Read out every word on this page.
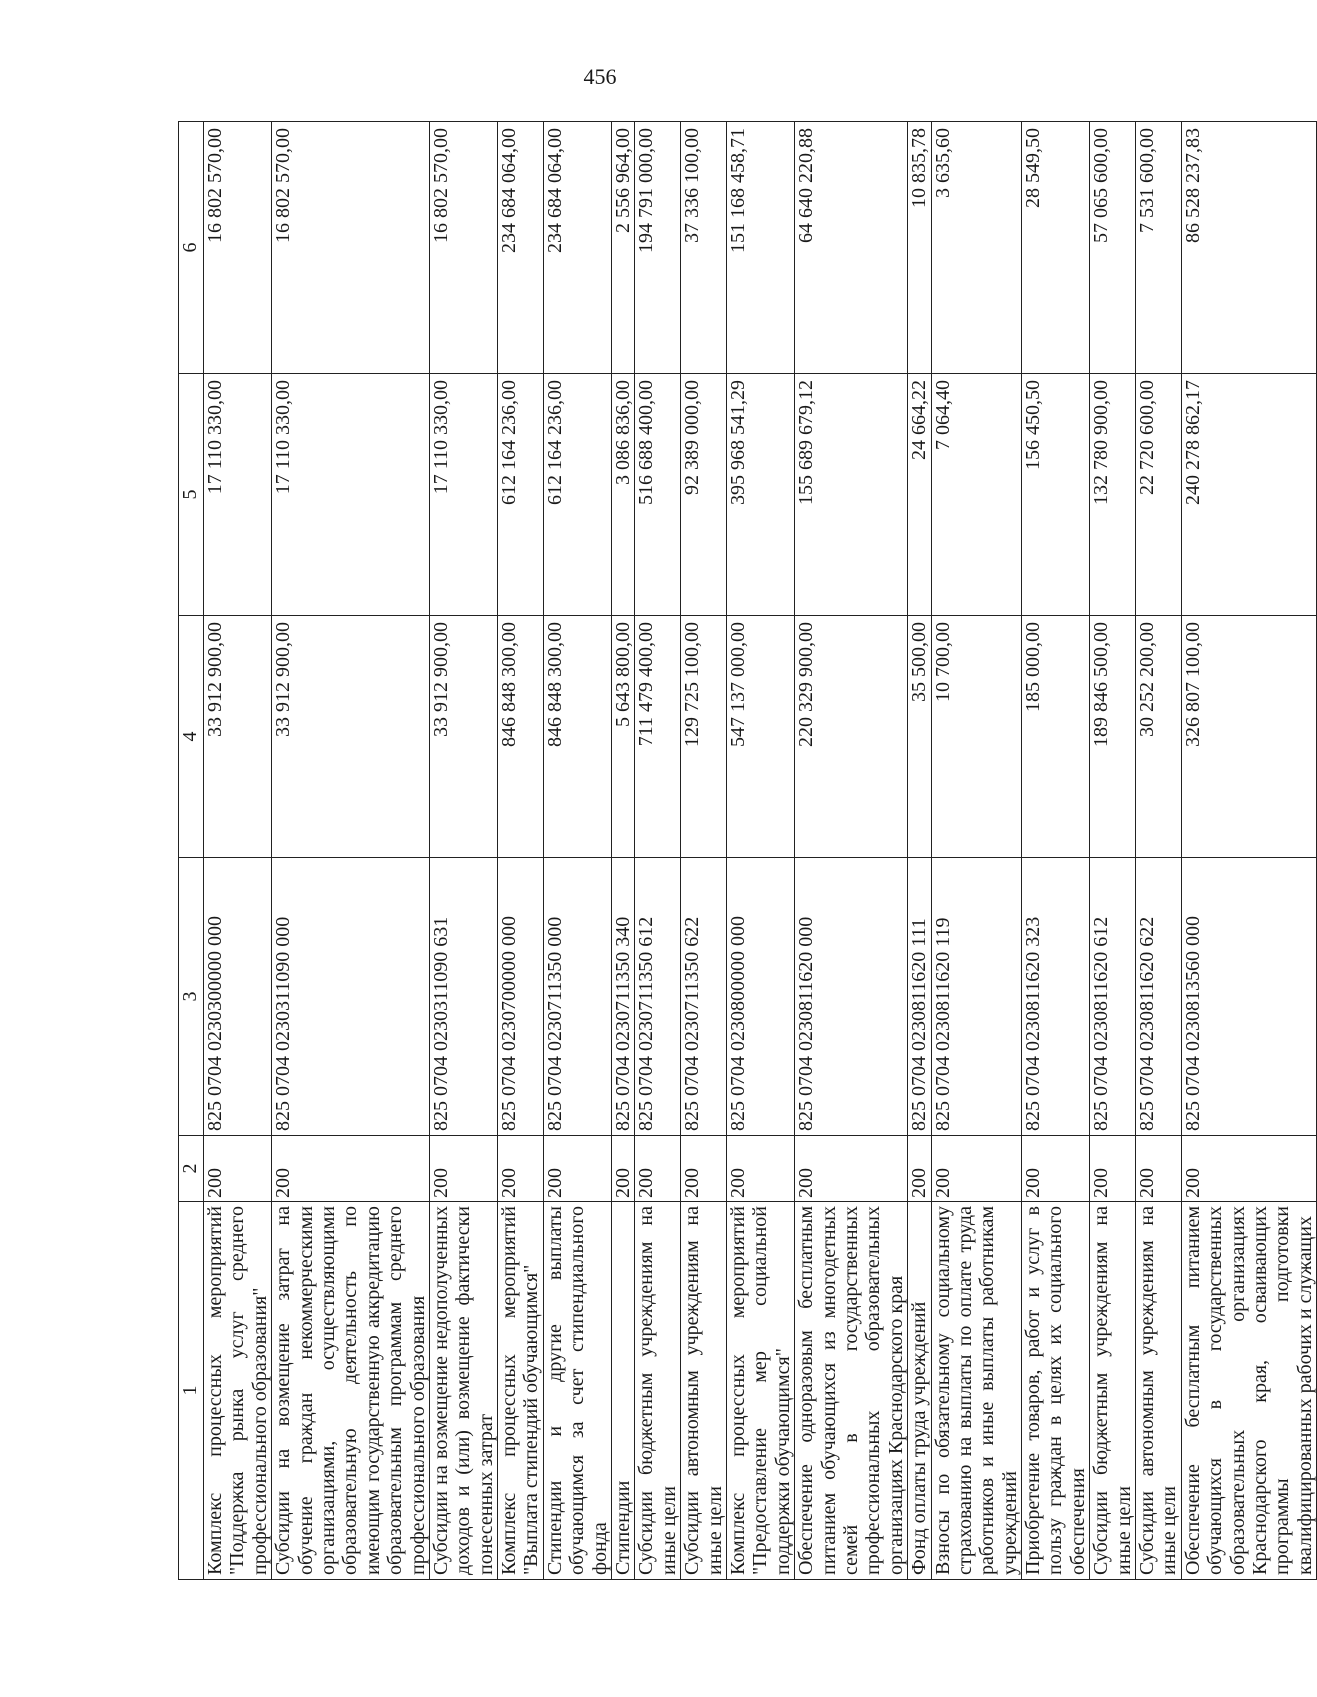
456
1	2	3	4	5	6
Комплекс процессных мероприятий "Поддержка рынка услуг среднего профессионального образования"	200	825 0704 0230300000 000	33 912 900,00	17 110 330,00	16 802 570,00
Субсидии на возмещение затрат на обучение граждан некоммерческими организациями, осуществляющими образовательную деятельность по имеющим государственную аккредитацию образовательным программам среднего профессионального образования	200	825 0704 0230311090 000	33 912 900,00	17 110 330,00	16 802 570,00
Субсидии на возмещение недополученных доходов и (или) возмещение фактически понесенных затрат	200	825 0704 0230311090 631	33 912 900,00	17 110 330,00	16 802 570,00
Комплекс процессных мероприятий "Выплата стипендий обучающимся"	200	825 0704 0230700000 000	846 848 300,00	612 164 236,00	234 684 064,00
Стипендии и другие выплаты обучающимся за счет стипендиального фонда	200	825 0704 0230711350 000	846 848 300,00	612 164 236,00	234 684 064,00
Стипендии	200	825 0704 0230711350 340	5 643 800,00	3 086 836,00	2 556 964,00
Субсидии бюджетным учреждениям на иные цели	200	825 0704 0230711350 612	711 479 400,00	516 688 400,00	194 791 000,00
Субсидии автономным учреждениям на иные цели	200	825 0704 0230711350 622	129 725 100,00	92 389 000,00	37 336 100,00
Комплекс процессных мероприятий "Предоставление мер социальной поддержки обучающимся"	200	825 0704 0230800000 000	547 137 000,00	395 968 541,29	151 168 458,71
Обеспечение одноразовым бесплатным питанием обучающихся из многодетных семей в государственных профессиональных образовательных организациях Краснодарского края	200	825 0704 0230811620 000	220 329 900,00	155 689 679,12	64 640 220,88
Фонд оплаты труда учреждений	200	825 0704 0230811620 111	35 500,00	24 664,22	10 835,78
Взносы по обязательному социальному страхованию на выплаты по оплате труда работников и иные выплаты работникам учреждений	200	825 0704 0230811620 119	10 700,00	7 064,40	3 635,60
Приобретение товаров, работ и услуг в пользу граждан в целях их социального обеспечения	200	825 0704 0230811620 323	185 000,00	156 450,50	28 549,50
Субсидии бюджетным учреждениям на иные цели	200	825 0704 0230811620 612	189 846 500,00	132 780 900,00	57 065 600,00
Субсидии автономным учреждениям на иные цели	200	825 0704 0230811620 622	30 252 200,00	22 720 600,00	7 531 600,00
Обеспечение бесплатным питанием обучающихся в государственных образовательных организациях Краснодарского края, осваивающих программы подготовки квалифицированных рабочих и служащих	200	825 0704 0230813560 000	326 807 100,00	240 278 862,17	86 528 237,83
